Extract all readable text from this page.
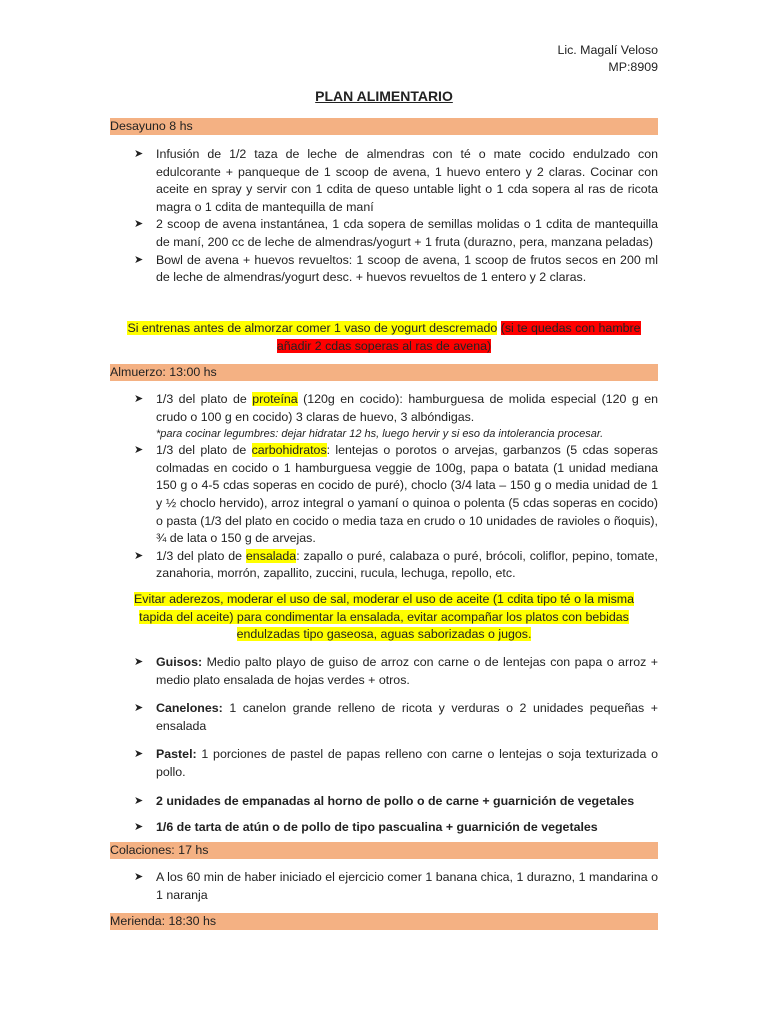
Lic. Magalí Veloso
MP:8909
PLAN ALIMENTARIO
Desayuno 8 hs
➤ Infusión de 1/2 taza de leche de almendras con té o mate cocido endulzado con edulcorante + panqueque de 1 scoop de avena, 1 huevo entero y 2 claras. Cocinar con aceite en spray y servir con 1 cdita de queso untable light o 1 cda sopera al ras de ricota magra o 1 cdita de mantequilla de maní
➤ 2 scoop de avena instantánea, 1 cda sopera de semillas molidas o 1 cdita de mantequilla de maní, 200 cc de leche de almendras/yogurt + 1 fruta (durazno, pera, manzana peladas)
➤ Bowl de avena + huevos revueltos: 1 scoop de avena, 1 scoop de frutos secos en 200 ml de leche de almendras/yogurt desc. + huevos revueltos de 1 entero y 2 claras.
Si entrenas antes de almorzar comer 1 vaso de yogurt descremado (si te quedas con hambre
añadir 2 cdas soperas al ras de avena)
Almuerzo: 13:00 hs
➤ 1/3 del plato de proteína (120g en cocido): hamburguesa de molida especial (120 g en crudo o 100 g en cocido) 3 claras de huevo, 3 albóndigas.
*para cocinar legumbres: dejar hidratar 12 hs, luego hervir y si eso da intolerancia procesar.
➤ 1/3 del plato de carbohidratos: lentejas o porotos o arvejas, garbanzos (5 cdas soperas colmadas en cocido o 1 hamburguesa veggie de 100g, papa o batata (1 unidad mediana 150 g o 4-5 cdas soperas en cocido de puré), choclo (3/4 lata – 150 g o media unidad de 1 y ½ choclo hervido), arroz integral o yamaní o quinoa o polenta (5 cdas soperas en cocido) o pasta (1/3 del plato en cocido o media taza en crudo o 10 unidades de ravioles o ñoquis), ¾ de lata o 150 g de arvejas.
➤ 1/3 del plato de ensalada: zapallo o puré, calabaza o puré, brócoli, coliflor, pepino, tomate, zanahoria, morrón, zapallito, zuccini, rucula, lechuga, repollo, etc.
Evitar aderezos, moderar el uso de sal, moderar el uso de aceite (1 cdita tipo té o la misma
tapida del aceite) para condimentar la ensalada, evitar acompañar los platos con bebidas
endulzadas tipo gaseosa, aguas saborizadas o jugos.
➤ Guisos: Medio palto playo de guiso de arroz con carne o de lentejas con papa o arroz + medio plato ensalada de hojas verdes + otros.
➤ Canelones: 1 canelon grande relleno de ricota y verduras o 2 unidades pequeñas + ensalada
➤ Pastel: 1 porciones de pastel de papas relleno con carne o lentejas o soja texturizada o pollo.
➤ 2 unidades de empanadas al horno de pollo o de carne + guarnición de vegetales
➤ 1/6 de tarta de atún o de pollo de tipo pascualina + guarnición de vegetales
Colaciones: 17 hs
➤ A los 60 min de haber iniciado el ejercicio comer 1 banana chica, 1 durazno, 1 mandarina o 1 naranja
Merienda: 18:30 hs
